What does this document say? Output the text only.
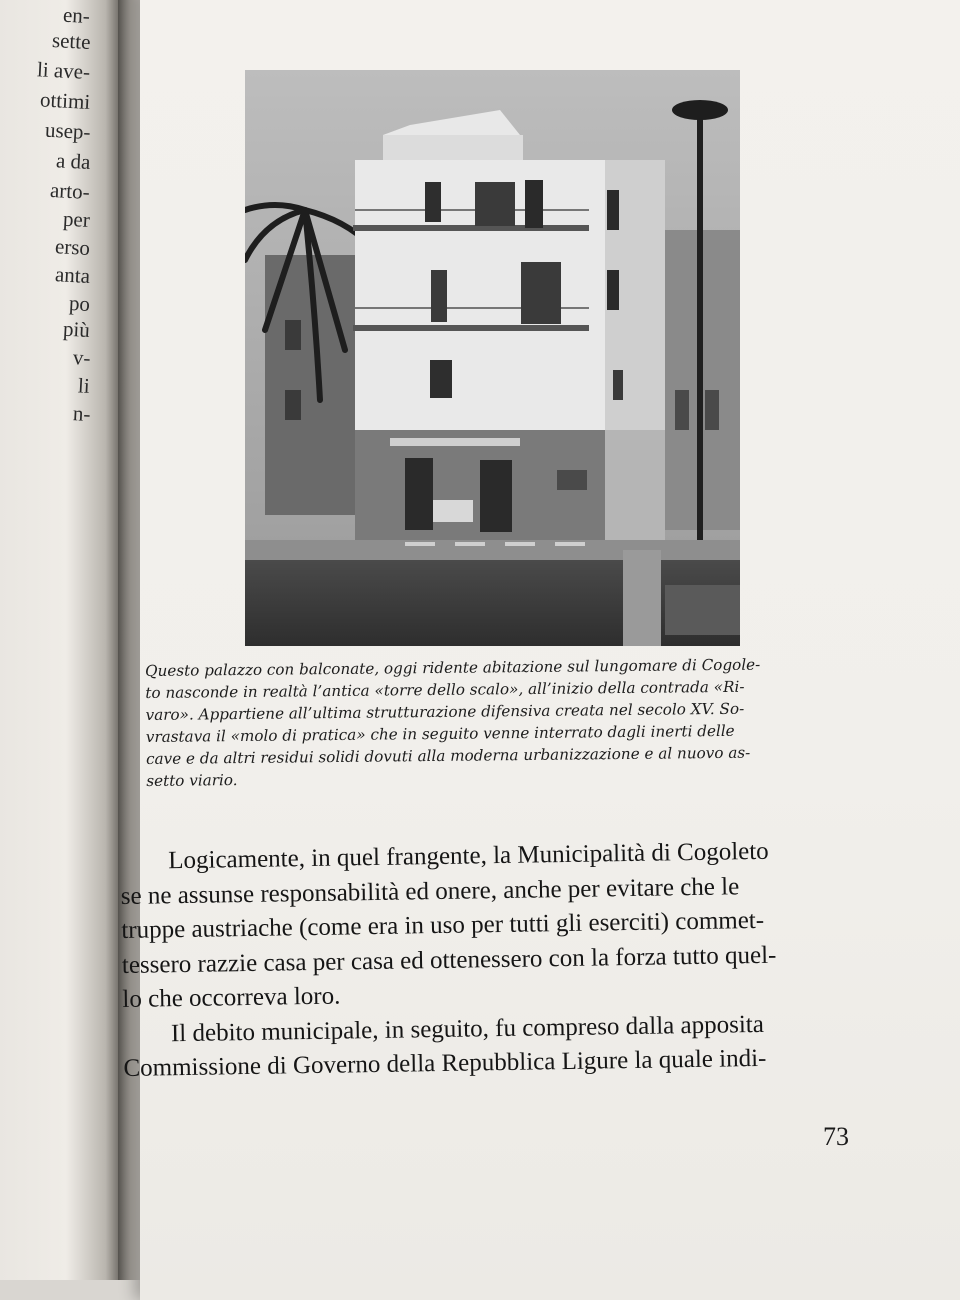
en-
sette
li ave-
ottimi
usep-
a da
arto-
per
erso
anta
po
più
v-
li
n-
Questo palazzo con balconate, oggi ridente abitazione sul lungomare di Cogole-
to nasconde in realtà l’antica «torre dello scalo», all’inizio della contrada «Ri-
varo». Appartiene all’ultima strutturazione difensiva creata nel secolo XV. So-
vrastava il «molo di pratica» che in seguito venne interrato dagli inerti delle
cave e da altri residui solidi dovuti alla moderna urbanizzazione e al nuovo as-
setto viario.
Logicamente, in quel frangente, la Municipalità di Cogoleto
se ne assunse responsabilità ed onere, anche per evitare che le
truppe austriache (come era in uso per tutti gli eserciti) commet-
tessero razzie casa per casa ed ottenessero con la forza tutto quel-
lo che occorreva loro.
Il debito municipale, in seguito, fu compreso dalla apposita
Commissione di Governo della Repubblica Ligure la quale indi-
73
